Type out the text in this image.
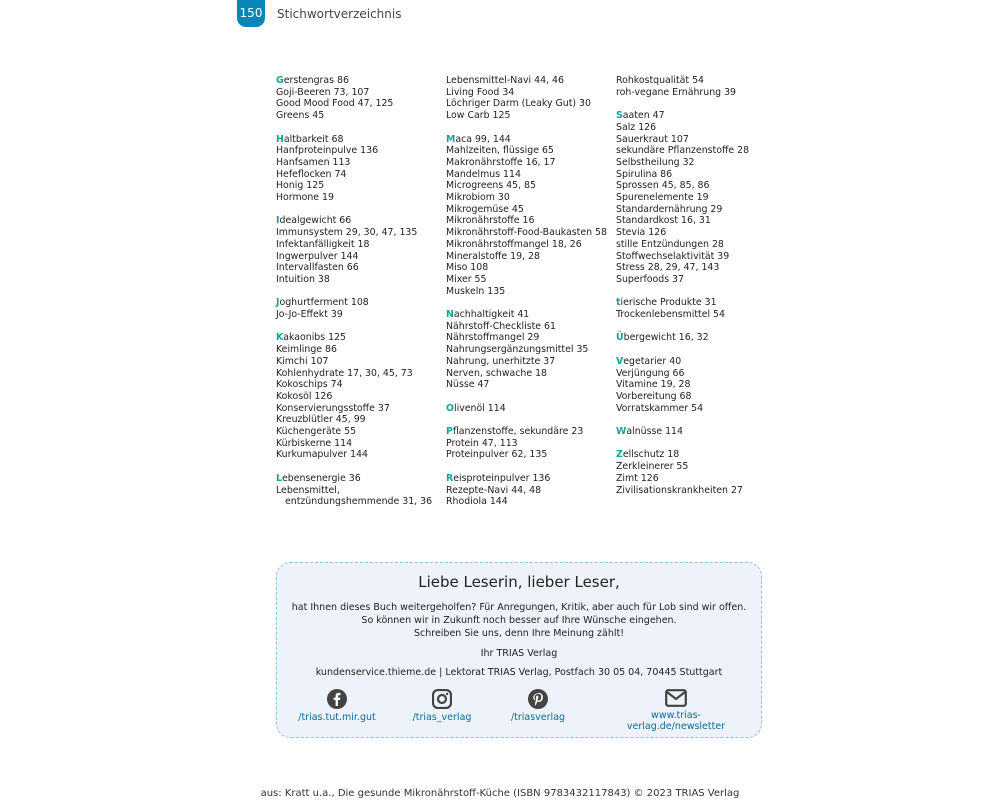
150 Stichwortverzeichnis
Gerstengras 86
Goji-Beeren 73, 107
Good Mood Food 47, 125
Greens 45
Haltbarkeit 68
Hanfproteinpulve 136
Hanfsamen 113
Hefeflocken 74
Honig 125
Hormone 19
Idealgewicht 66
Immunsystem 29, 30, 47, 135
Infektanfälligkeit 18
Ingwerpulver 144
Intervallfasten 66
Intuition 38
Joghurtferment 108
Jo-Jo-Effekt 39
Kakaonibs 125
Keimlinge 86
Kimchi 107
Kohlenhydrate 17, 30, 45, 73
Kokoschips 74
Kokosöl 126
Konservierungsstoffe 37
Kreuzblütler 45, 99
Küchengeräte 55
Kürbiskerne 114
Kurkumapulver 144
Lebensenergie 36
Lebensmittel,
entzündungshemmende 31, 36
Lebensmittel-Navi 44, 46
Living Food 34
Löchriger Darm (Leaky Gut) 30
Low Carb 125
Maca 99, 144
Mahlzeiten, flüssige 65
Makronährstoffe 16, 17
Mandelmus 114
Microgreens 45, 85
Mikrobiom 30
Mikrogemüse 45
Mikronährstoffe 16
Mikronährstoff-Food-Baukasten 58
Mikronährstoffmangel 18, 26
Mineralstoffe 19, 28
Miso 108
Mixer 55
Muskeln 135
Nachhaltigkeit 41
Nährstoff-Checkliste 61
Nährstoffmangel 29
Nahrungsergänzungsmittel 35
Nahrung, unerhitzte 37
Nerven, schwache 18
Nüsse 47
Olivenöl 114
Pflanzenstoffe, sekundäre 23
Protein 47, 113
Proteinpulver 62, 135
Reisproteinpulver 136
Rezepte-Navi 44, 48
Rhodiola 144
Rohkostqualität 54
roh-vegane Ernährung 39
Saaten 47
Salz 126
Sauerkraut 107
sekundäre Pflanzenstoffe 28
Selbstheilung 32
Spirulina 86
Sprossen 45, 85, 86
Spurenelemente 19
Standardernährung 29
Standardkost 16, 31
Stevia 126
stille Entzündungen 28
Stoffwechselaktivität 39
Stress 28, 29, 47, 143
Superfoods 37
tierische Produkte 31
Trockenlebensmittel 54
Übergewicht 16, 32
Vegetarier 40
Verjüngung 66
Vitamine 19, 28
Vorbereitung 68
Vorratskammer 54
Walnüsse 114
Zellschutz 18
Zerkleinerer 55
Zimt 126
Zivilisationskrankheiten 27
Liebe Leserin, lieber Leser,
hat Ihnen dieses Buch weitergeholfen? Für Anregungen, Kritik, aber auch für Lob sind wir offen.
So können wir in Zukunft noch besser auf Ihre Wünsche eingehen.
Schreiben Sie uns, denn Ihre Meinung zählt!
Ihr TRIAS Verlag
kundenservice.thieme.de | Lektorat TRIAS Verlag, Postfach 30 05 04, 70445 Stuttgart
/trias.tut.mir.gut	/trias_verlag	/triasverlag	www.trias-verlag.de/newsletter
aus: Kratt u.a., Die gesunde Mikronährstoff-Küche (ISBN 9783432117843) © 2023 TRIAS Verlag
